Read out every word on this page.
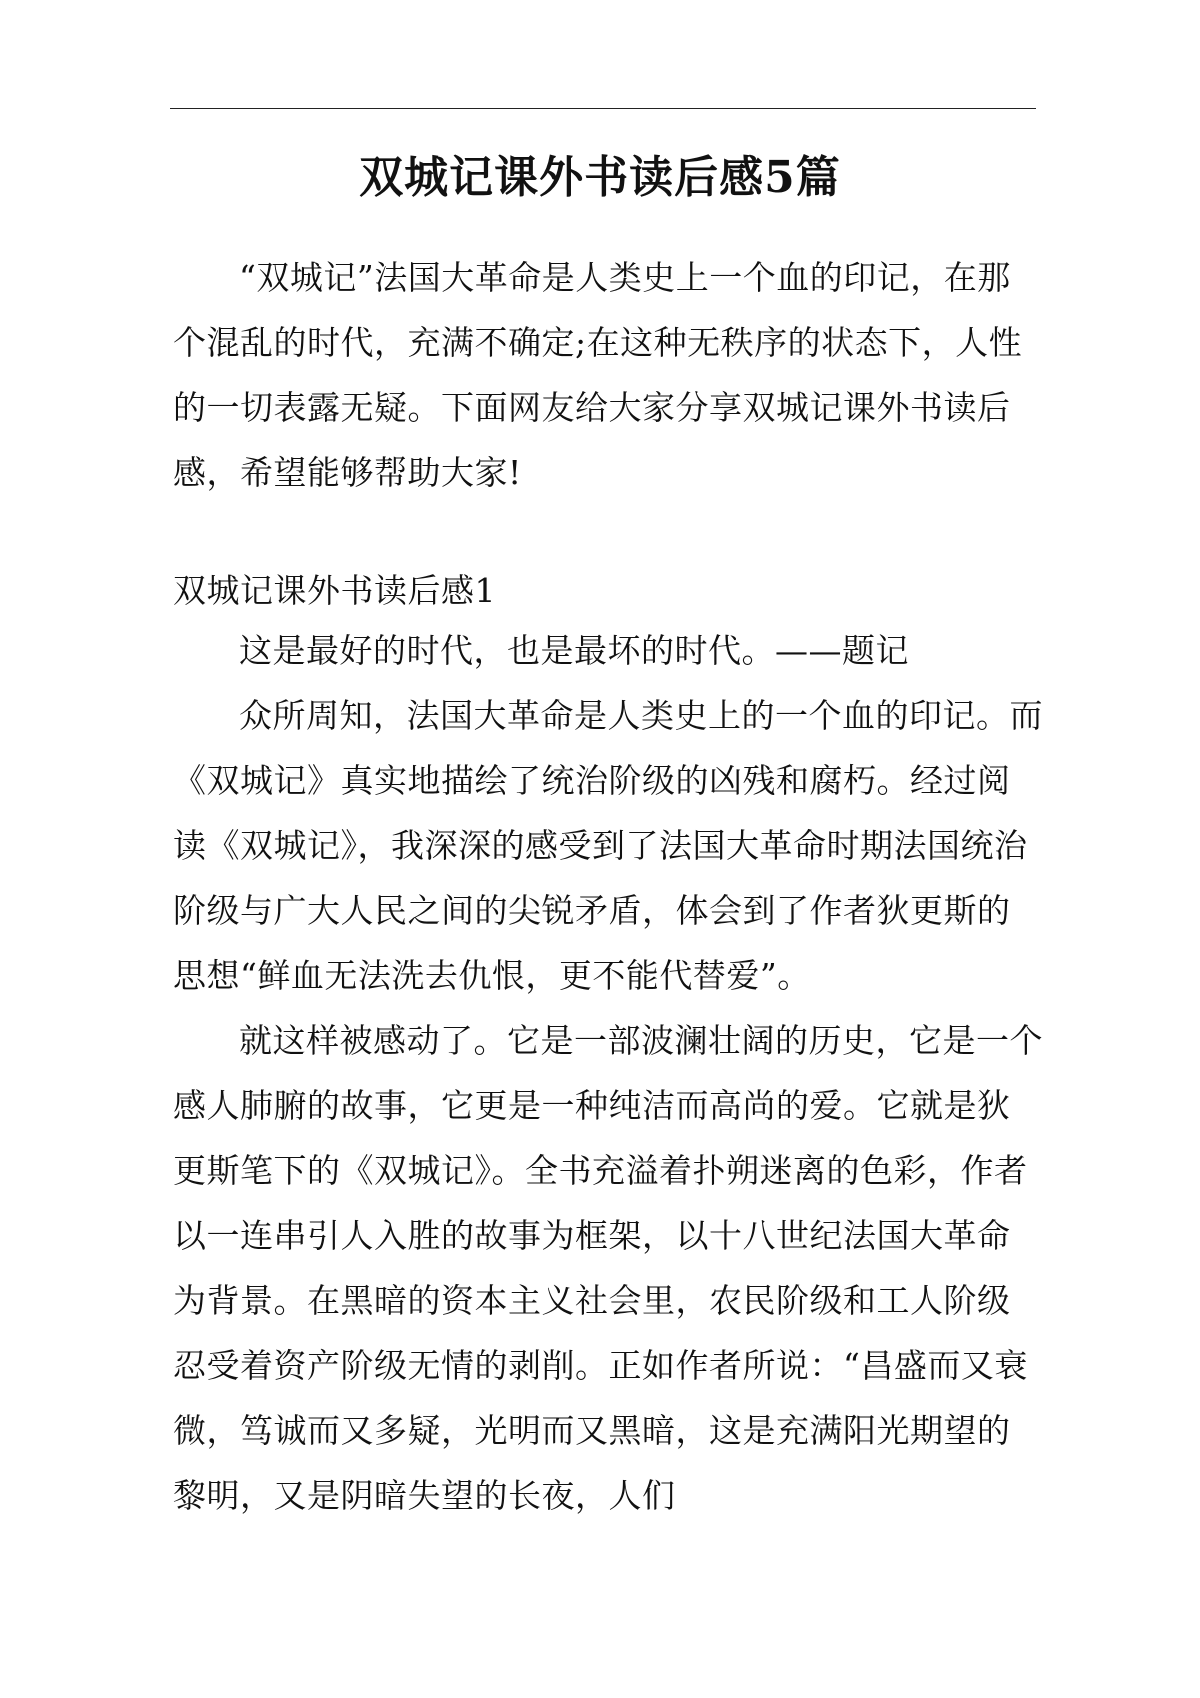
双城记课外书读后感5篇

“双城记”法国大革命是人类史上一个血的印记，在那个混乱的时代，充满不确定;在这种无秩序的状态下，人性的一切表露无疑。下面网友给大家分享双城记课外书读后感，希望能够帮助大家!

双城记课外书读后感1

这是最好的时代，也是最坏的时代。——题记

众所周知，法国大革命是人类史上的一个血的印记。而《双城记》真实地描绘了统治阶级的凶残和腐朽。经过阅读《双城记》，我深深的感受到了法国大革命时期法国统治阶级与广大人民之间的尖锐矛盾，体会到了作者狄更斯的思想“鲜血无法洗去仇恨，更不能代替爱”。

就这样被感动了。它是一部波澜壮阔的历史，它是一个感人肺腑的故事，它更是一种纯洁而高尚的爱。它就是狄更斯笔下的《双城记》。全书充溢着扑朔迷离的色彩，作者以一连串引人入胜的故事为框架，以十八世纪法国大革命为背景。在黑暗的资本主义社会里，农民阶级和工人阶级忍受着资产阶级无情的剥削。正如作者所说：“昌盛而又衰微，笃诚而又多疑，光明而又黑暗，这是充满阳光期望的黎明，又是阴暗失望的长夜，人们
